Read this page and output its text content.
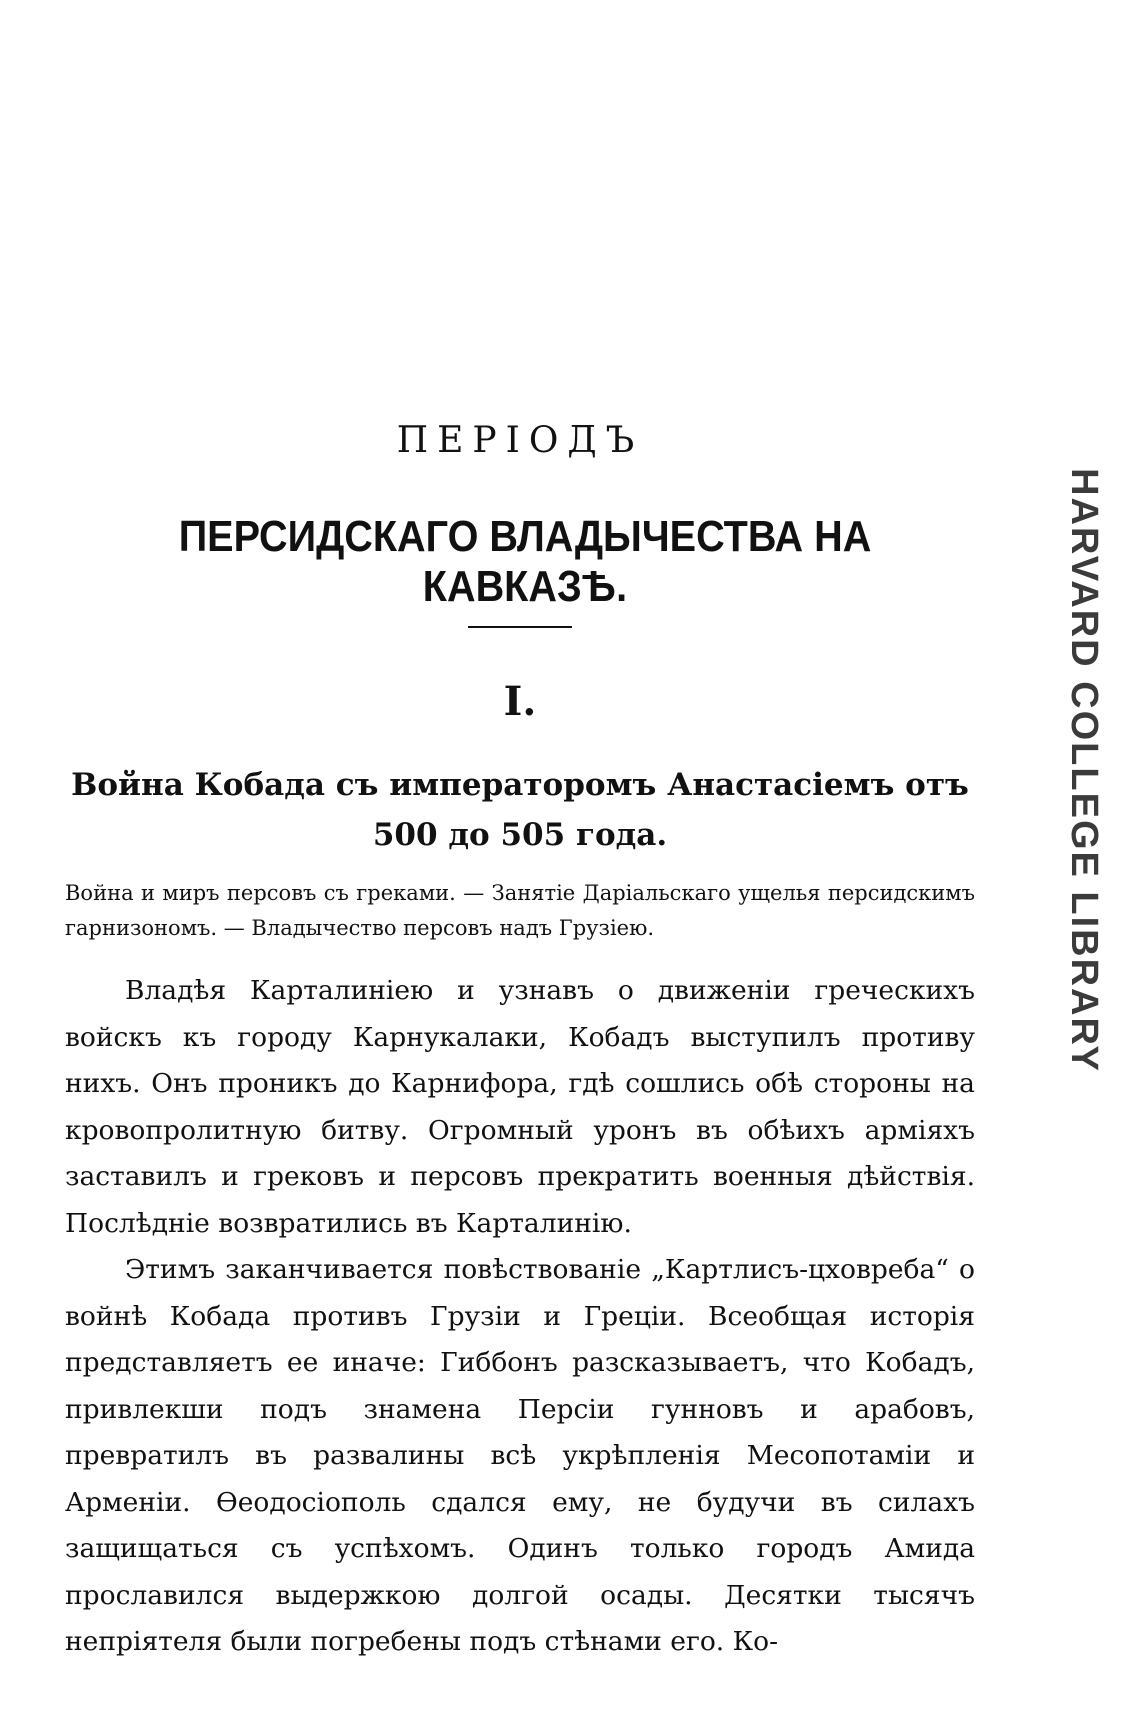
ПЕРІОДЪ
ПЕРСИДСКАГО ВЛАДЫЧЕСТВА НА КАВКАЗѢ.
I.
Война Кобада съ императоромъ Анастасіемъ отъ 500 до 505 года.
Война и миръ персовъ съ греками. — Занятіе Даріальскаго ущелья персидскимъ гарнизономъ. — Владычество персовъ надъ Грузіею.

Владѣя Карталиніею и узнавъ о движеніи греческихъ войскъ къ городу Карнукалаки, Кобадъ выступилъ противу нихъ. Онъ проникъ до Карнифора, гдѣ сошлись обѣ стороны на кровопролитную битву. Огромный уронъ въ обѣихъ арміяхъ заставилъ и грековъ и персовъ прекратить военныя дѣйствія. Послѣдніе возвратились въ Карталинію.

Этимъ заканчивается повѣствованіе „Картлисъ-цховреба“ о войнѣ Кобада противъ Грузіи и Греціи. Всеобщая исторія представляетъ ее иначе: Гиббонъ разсказываетъ, что Кобадъ, привлекши подъ знамена Персіи гунновъ и арабовъ, превратилъ въ развалины всѣ укрѣпленія Месопотаміи и Арменіи. Ѳеодосіополь сдался ему, не будучи въ силахъ защищаться съ успѣхомъ. Одинъ только городъ Амида прославился выдержкою долгой осады. Десятки тысячъ непріятеля были погребены подъ стѣнами его. Ко-

HARVARD COLLEGE LIBRARY
